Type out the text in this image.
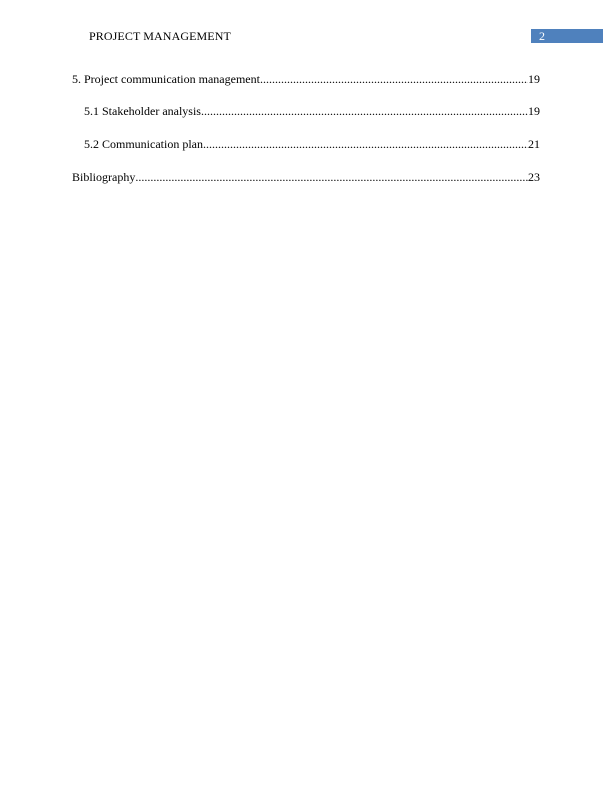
PROJECT MANAGEMENT	2
5. Project communication management .....	19
5.1 Stakeholder analysis .....	19
5.2 Communication plan .....	21
Bibliography .....	23
